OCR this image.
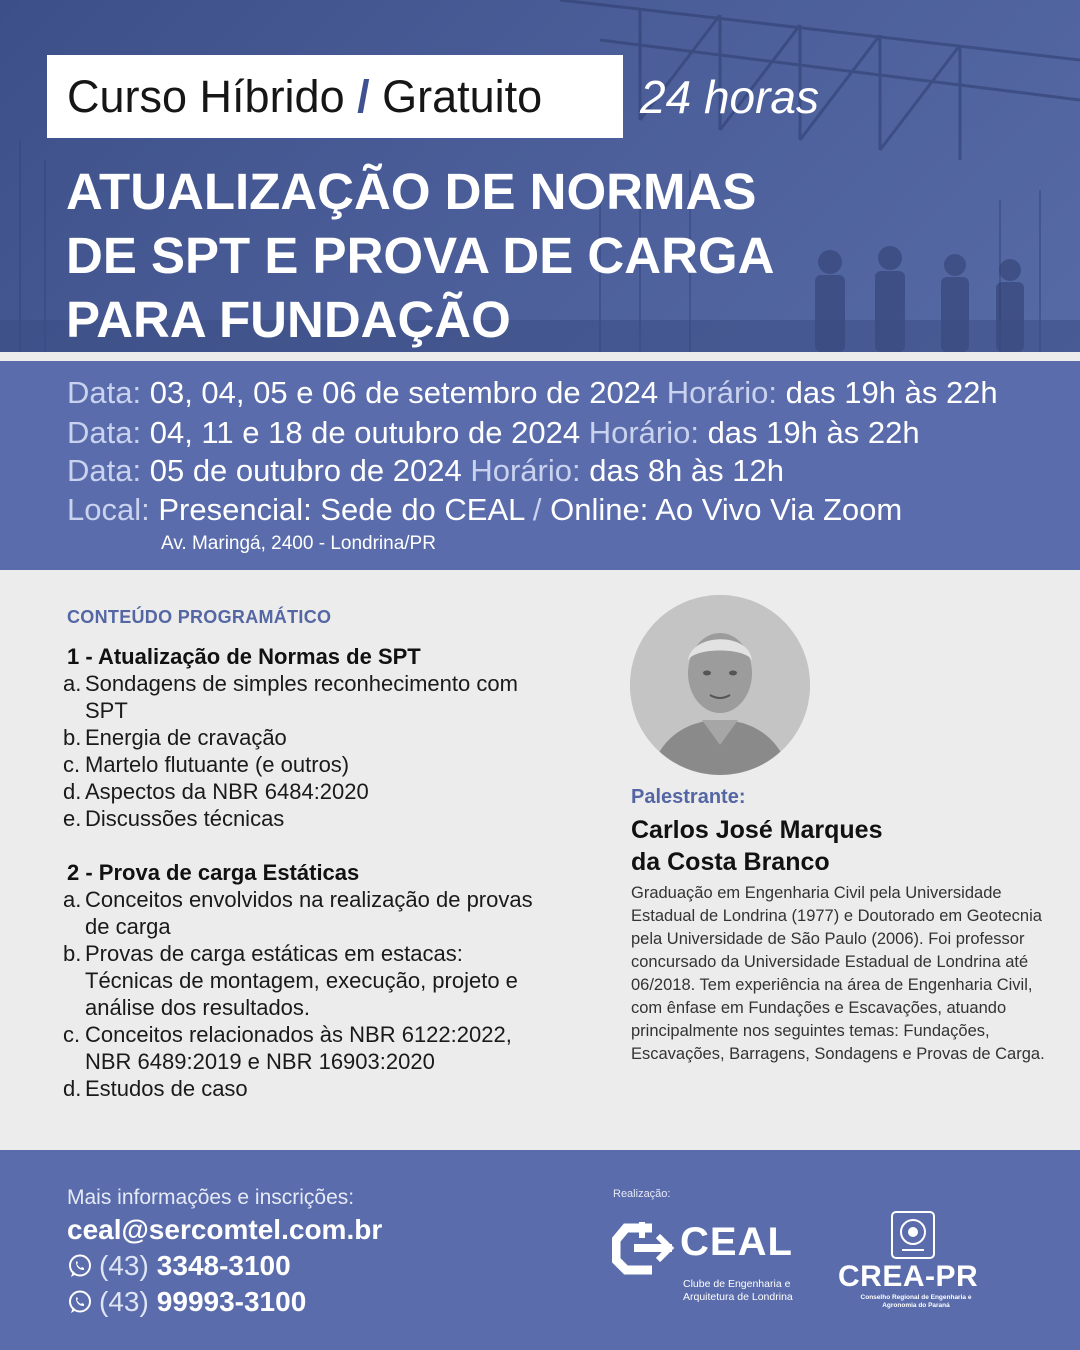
Curso Híbrido / Gratuito 24 horas
ATUALIZAÇÃO DE NORMAS
DE SPT E PROVA DE CARGA
PARA FUNDAÇÃO
Data: 03, 04, 05 e 06 de setembro de 2024 Horário: das 19h às 22h
Data: 04, 11 e 18 de outubro de 2024 Horário: das 19h às 22h
Data: 05 de outubro de 2024 Horário: das 8h às 12h
Local: Presencial: Sede do CEAL / Online: Ao Vivo Via Zoom
Av. Maringá, 2400 - Londrina/PR
CONTEÚDO PROGRAMÁTICO
1 - Atualização de Normas de SPT
a. Sondagens de simples reconhecimento com SPT
b. Energia de cravação
c. Martelo flutuante (e outros)
d. Aspectos da NBR 6484:2020
e. Discussões técnicas
2 - Prova de carga Estáticas
a. Conceitos envolvidos na realização de provas de carga
b. Provas de carga estáticas em estacas: Técnicas de montagem, execução, projeto e análise dos resultados.
c. Conceitos relacionados às NBR 6122:2022, NBR 6489:2019 e NBR 16903:2020
d. Estudos de caso
Palestrante:
Carlos José Marques
da Costa Branco
Graduação em Engenharia Civil pela Universidade Estadual de Londrina (1977) e Doutorado em Geotecnia pela Universidade de São Paulo (2006). Foi professor concursado da Universidade Estadual de Londrina até 06/2018. Tem experiência na área de Engenharia Civil, com ênfase em Fundações e Escavações, atuando principalmente nos seguintes temas: Fundações, Escavações, Barragens, Sondagens e Provas de Carga.
Mais informações e inscrições:
ceal@sercomtel.com.br
(43) 3348-3100
(43) 99993-3100
Realização:
CEAL
Clube de Engenharia e Arquitetura de Londrina
CREA-PR
Conselho Regional de Engenharia e Agronomia do Paraná
